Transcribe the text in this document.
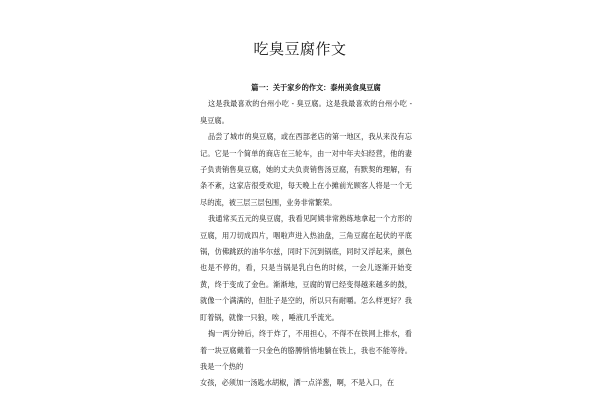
吃臭豆腐作文

篇一：关于家乡的作文：泰州美食臭豆腐

这是我最喜欢的台州小吃 - 臭豆腐。这是我最喜欢的台州小吃 - 臭豆腐。

品尝了城市的臭豆腐，或在西部老店的第一地区，我从来没有忘记。它是一个简单的商店在三轮车，由一对中年夫妇经营，他的妻子负责销售臭豆腐，她的丈夫负责销售汤豆腐，有默契的理解，有条不紊，这家店很受欢迎，每天晚上在小摊前光顾客人将是一个无尽的流，被三层三层包围，业务非常繁荣。

我通常买五元的臭豆腐，我看见阿姨非常熟练地拿起一个方形的豆腐，用刀切成四片，咽啦声进入热油盘，三角豆腐在起伏的平底锅，仿佛跳跃的油华尔兹，同时下沉到锅底，同时又浮起来，颜色也是不停的，看，只是当锅是乳白色的时候，一会儿逐渐开始变黄，终于变成了金色。渐渐地，豆腐的胃已经变得越来越多的鼓，就像一个满满的，但肚子是空的，所以只有耐嚼。怎么样更好？我盯着锅，就像一只狼，唉 ，唾液几乎流光。

掏一两分钟后，终于炸了，不用担心，不得不在铁网上排水，看着一块豆腐戴着一只金色的胳膊悄悄地躺在铁上，我也不能等待。我是一个热的

女孩，必须加一汤匙水胡椒，洒一点洋葱，啊，不是入口，在
